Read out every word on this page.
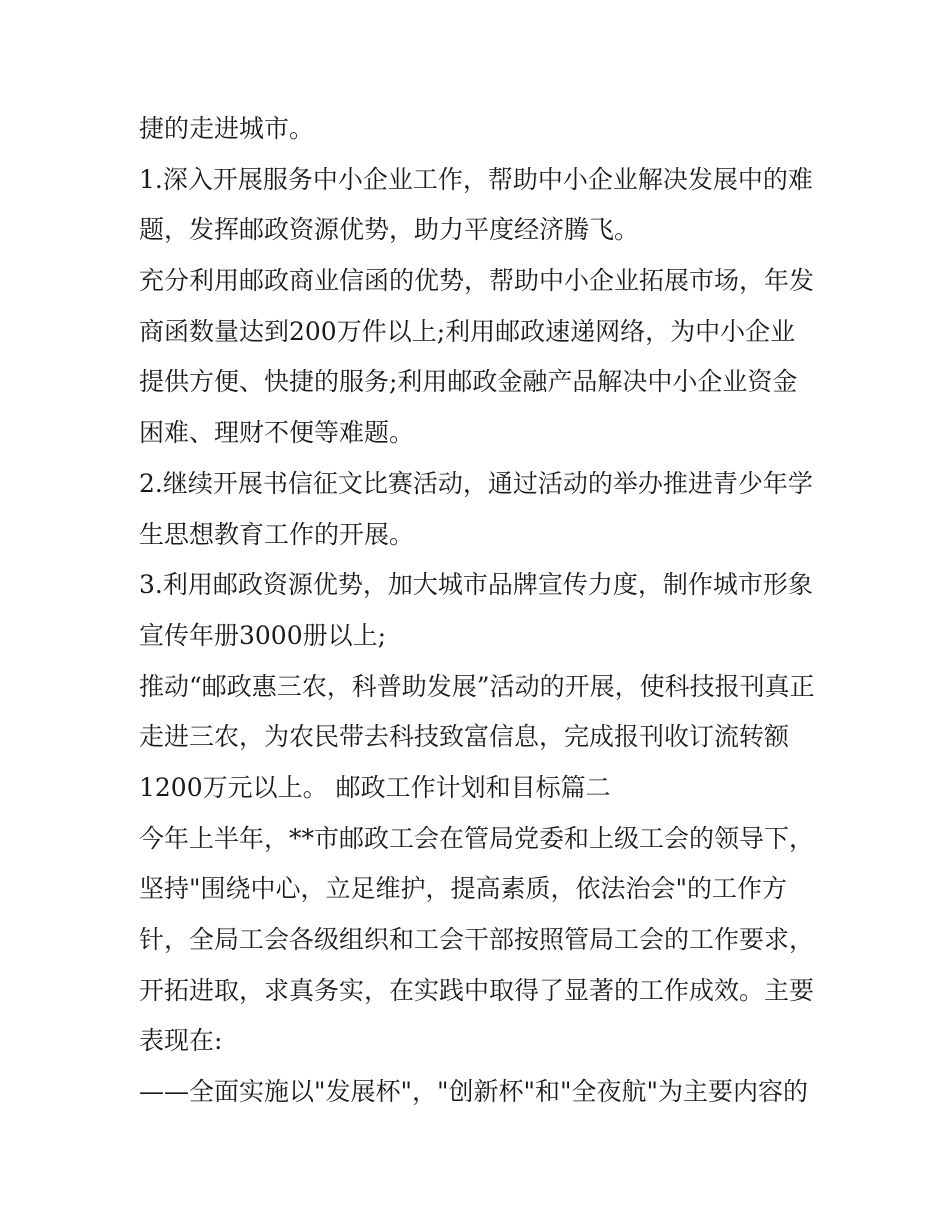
捷的走进城市。
1.深入开展服务中小企业工作，帮助中小企业解决发展中的难
题，发挥邮政资源优势，助力平度经济腾飞。
充分利用邮政商业信函的优势，帮助中小企业拓展市场，年发
商函数量达到200万件以上;利用邮政速递网络，为中小企业
提供方便、快捷的服务;利用邮政金融产品解决中小企业资金
困难、理财不便等难题。
2.继续开展书信征文比赛活动，通过活动的举办推进青少年学
生思想教育工作的开展。
3.利用邮政资源优势，加大城市品牌宣传力度，制作城市形象
宣传年册3000册以上;
推动“邮政惠三农，科普助发展”活动的开展，使科技报刊真正
走进三农，为农民带去科技致富信息，完成报刊收订流转额
1200万元以上。 邮政工作计划和目标篇二
今年上半年，**市邮政工会在管局党委和上级工会的领导下，
坚持"围绕中心，立足维护，提高素质，依法治会"的工作方
针，全局工会各级组织和工会干部按照管局工会的工作要求，
开拓进取，求真务实，在实践中取得了显著的工作成效。主要
表现在:
——全面实施以"发展杯"，"创新杯"和"全夜航"为主要内容的
